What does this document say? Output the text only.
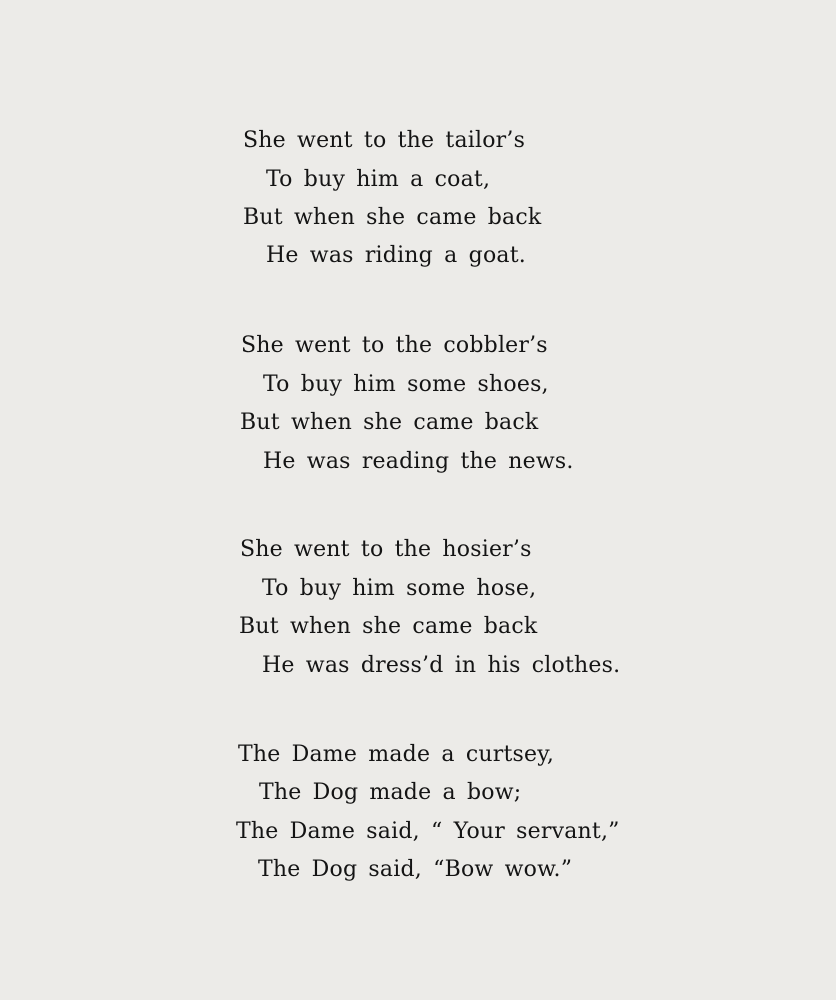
She went to the tailor’s
To buy him a coat,
But when she came back
He was riding a goat.
She went to the cobbler’s
To buy him some shoes,
But when she came back
He was reading the news.
She went to the hosier’s
To buy him some hose,
But when she came back
He was dress’d in his clothes.
The Dame made a curtsey,
The Dog made a bow;
The Dame said, “ Your servant,”
The Dog said, “Bow wow.”
